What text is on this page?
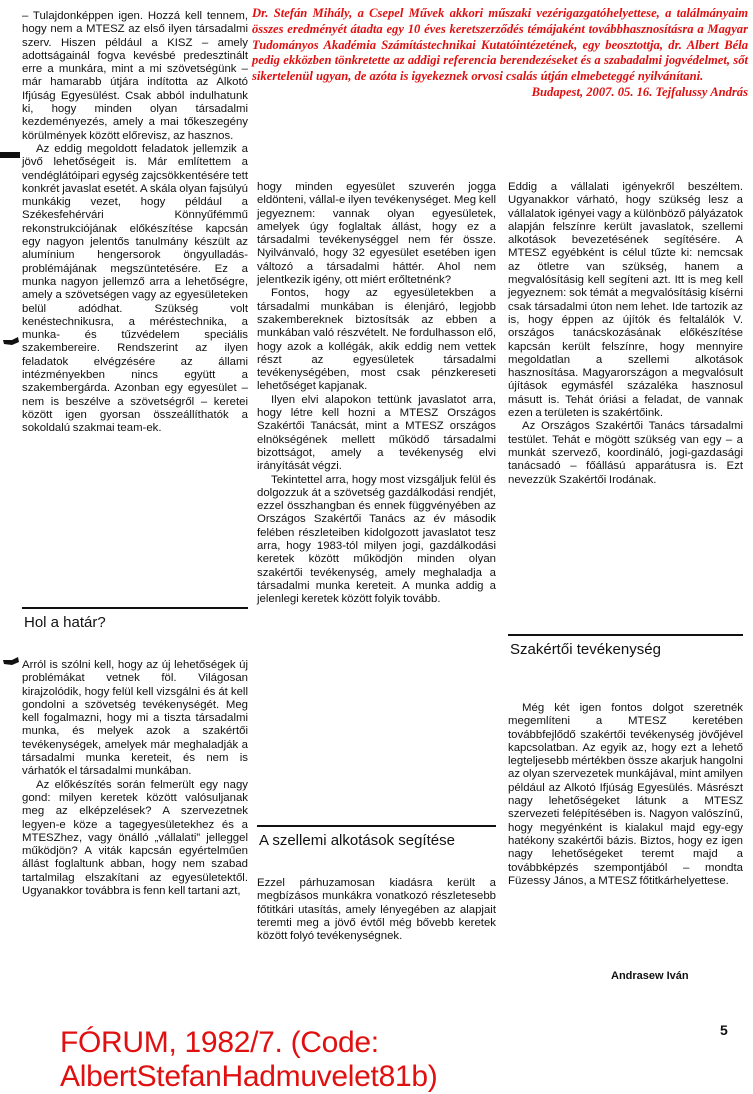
Dr. Stefán Mihály, a Csepel Művek akkori műszaki vezérigazgatóhelyettese, a találmányaim összes eredményét átadta egy 10 éves keretszerződés témájaként továbbhasznosításra a Magyar Tudományos Akadémia Számítástechnikai Kutatóintézetének, egy beosztottja, dr. Albert Béla pedig ekközben tönkretette az addigi referencia berendezéseket és a szabadalmi jogvédelmet, sőt sikertelenül ugyan, de azóta is igyekeznek orvosi csalás útján elmebeteggé nyilvánítani.
Budapest, 2007. 05. 16. Tejfalussy András

– Tulajdonképpen igen. Hozzá kell tennem, hogy nem a MTESZ az első ilyen társadalmi szerv. Hiszen például a KISZ – amely adottságainál fogva kevésbé predesztinált erre a munkára, mint a mi szövetségünk – már hamarabb útjára indította az Alkotó Ifjúság Egyesülést. Csak abból indulhatunk ki, hogy minden olyan társadalmi kezdeményezés, amely a mai tőkeszegény körülmények között előrevisz, az hasznos.

Az eddig megoldott feladatok jellemzik a jövő lehetőségeit is. Már említettem a vendéglátóipari egység zajcsökkentésére tett konkrét javaslat esetét. A skála olyan fajsúlyú munkákig vezet, hogy például a Székesfehérvári Könnyűfémmű rekonstrukciójának előkészítése kapcsán egy nagyon jelentős tanulmány készült az alumínium hengersorok öngyulladás-problémájának megszüntetésére. Ez a munka nagyon jellemző arra a lehetőségre, amely a szövetségen vagy az egyesületeken belül adódhat. Szükség volt kenéstechnikusra, a méréstechnika, a munka- és tűzvédelem speciális szakembereire. Rendszerint az ilyen feladatok elvégzésére az állami intézményekben nincs együtt a szakembergárda. Azonban egy egyesület – nem is beszélve a szövetségről – keretei között igen gyorsan összeállíthatók a sokoldalú szakmai team-ek.

Hol a határ?

Arról is szólni kell, hogy az új lehetőségek új problémákat vetnek föl. Világosan kirajzolódik, hogy felül kell vizsgálni és át kell gondolni a szövetség tevékenységét. Meg kell fogalmazni, hogy mi a tiszta társadalmi munka, és melyek azok a szakértői tevékenységek, amelyek már meghaladják a társadalmi munka kereteit, és nem is várhatók el társadalmi munkában.

Az előkészítés során felmerült egy nagy gond: milyen keretek között valósuljanak meg az elképzelések? A szervezetnek legyen-e köze a tagegyesületekhez és a MTESZhez, vagy önálló „vállalati” jelleggel működjön? A viták kapcsán egyértelműen állást foglaltunk abban, hogy nem szabad tartalmilag elszakítani az egyesületektől. Ugyanakkor továbbra is fenn kell tartani azt,

hogy minden egyesület szuverén jogga eldönteni, vállal-e ilyen tevékenységet. Meg kell jegyeznem: vannak olyan egyesületek, amelyek úgy foglaltak állást, hogy ez a társadalmi tevékenységgel nem fér össze. Nyilvánvaló, hogy 32 egyesület esetében igen változó a társadalmi háttér. Ahol nem jelentkezik igény, ott miért erőltetnénk?

Fontos, hogy az egyesületekben a társadalmi munkában is élenjáró, legjobb szakembereknek biztosítsák az ebben a munkában való részvételt. Ne fordulhasson elő, hogy azok a kollégák, akik eddig nem vettek részt az egyesületek társadalmi tevékenységében, most csak pénzkereseti lehetőséget kapjanak.

Ilyen elvi alapokon tettünk javaslatot arra, hogy létre kell hozni a MTESZ Országos Szakértői Tanácsát, mint a MTESZ országos elnökségének mellett működő társadalmi bizottságot, amely a tevékenység elvi irányítását végzi.

Tekintettel arra, hogy most vizsgáljuk felül és dolgozzuk át a szövetség gazdálkodási rendjét, ezzel összhangban és ennek függvényében az Országos Szakértői Tanács az év második felében részleteiben kidolgozott javaslatot tesz arra, hogy 1983-tól milyen jogi, gazdálkodási keretek között működjön minden olyan szakértői tevékenység, amely meghaladja a társadalmi munka kereteit. A munka addig a jelenlegi keretek között folyik tovább.

A szellemi alkotások segítése

Ezzel párhuzamosan kiadásra került a megbízásos munkákra vonatkozó részletesebb főtitkári utasítás, amely lényegében az alapjait teremti meg a jövő évtől még bővebb keretek között folyó tevékenységnek.

Eddig a vállalati igényekről beszéltem. Ugyanakkor várható, hogy szükség lesz a vállalatok igényei vagy a különböző pályázatok alapján felszínre került javaslatok, szellemi alkotások bevezetésének segítésére. A MTESZ egyébként is célul tűzte ki: nemcsak az ötletre van szükség, hanem a megvalósításig kell segíteni azt. Itt is meg kell jegyeznem: sok témát a megvalósításig kísérni csak társadalmi úton nem lehet. Ide tartozik az is, hogy éppen az újítók és feltalálók V. országos tanácskozásának előkészítése kapcsán került felszínre, hogy mennyire megoldatlan a szellemi alkotások hasznosítása. Magyarországon a megvalósult újítások egymásfél százaléka hasznosul másutt is. Tehát óriási a feladat, de vannak ezen a területen is szakértőink.

Az Országos Szakértői Tanács társadalmi testület. Tehát e mögött szükség van egy – a munkát szervező, koordináló, jogi-gazdasági tanácsadó – főállású apparátusra is. Ezt nevezzük Szakértői Irodának.

Szakértői tevékenység

Még két igen fontos dolgot szeretnék megemlíteni a MTESZ keretében továbbfejlődő szakértői tevékenység jövőjével kapcsolatban. Az egyik az, hogy ezt a lehető legteljesebb mértékben össze akarjuk hangolni az olyan szervezetek munkájával, mint amilyen például az Alkotó Ifjúság Egyesülés. Másrészt nagy lehetőségeket látunk a MTESZ szervezeti felépítésében is. Nagyon valószínű, hogy megyénként is kialakul majd egy-egy hatékony szakértői bázis. Biztos, hogy ez igen nagy lehetőségeket teremt majd a továbbképzés szempontjából – mondta Füzessy János, a MTESZ főtitkárhelyettese.

Andrasew Iván
5
FÓRUM, 1982/7. (Code: AlbertStefanHadmuvelet81b)
